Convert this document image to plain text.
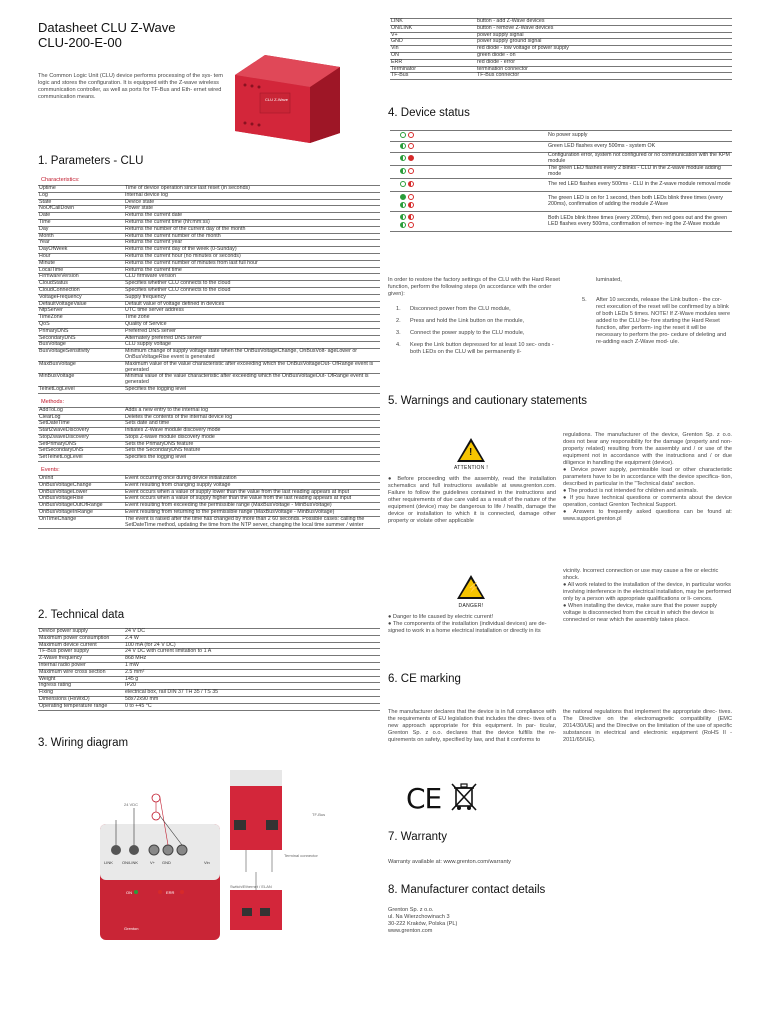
Datasheet CLU Z-Wave
CLU-200-E-00
CLU Z-Wave
The Common Logic Unit (CLU) device performs processing of the sys- tem logic and stores the configuration. It is equipped with the Z-wave wireless communication controller, as well as ports for TF-Bus and Eth- ernet wired communication means.
1. Parameters - CLU
Characteristics:
Uptime	Time of device operation since last reset (in seconds)
Log	Internal device log
State	Device state
NoOfCallDown	Power state
Date	Returns the current date
Time	Returns the current time (hh:mm:ss)
Day	Returns the number of the current day of the month
Month	Returns the current number of the month
Year	Returns the current year
DayOfWeek	Returns the current day of the week (0-Sunday)
Hour	Returns the current hour (no minutes or seconds)
Minute	Returns the current number of minutes from last full hour
LocalTime	Returns the current time
FirmwareVersion	CLU firmware version
CloudStatus	Specifies whether CLU connects to the cloud
CloudConnection	Specifies whether CLU connects to the cloud
VoltageFrequency	Supply frequency
DefaultVoltageValue	Default value of voltage defined in devices
NtpServer	UTC time server address
TimeZone	Time zone
QoS	Quality of Service
PrimaryDNS	Preferred DNS server
SecondaryDNS	Alternately preferred DNS server
BusVoltage	CLU supply voltage
BusVoltageSensitivity	Minimum change of supply voltage state when the OnBusVoltageChange, OnBusVolt- ageLower or OnBusVoltageRise event is generated
MaxBusVoltage	Maximum value of the value characteristic after exceeding which the OnBusVoltageOut- OfRange event is generated
MinBusVoltage	Minimal value of the value characteristic after exceeding which the OnBusVoltageOut- OfRange event is generated
TelnetLogLevel	Specifies the logging level
Methods:
AddToLog	Adds a new entry to the internal log
ClearLog	Deletes the contents of the internal device log
SetDateTime	Sets date and time
StartZwaveDiscovery	Initiates Z-Wave module discovery mode
StopZwaveDiscovery	Stops Z-wave module discovery mode
SetPrimaryDNS	Sets the PrimaryDNS feature
SetSecondaryDNS	Sets the SecondaryDNS feature
SetTelnetLogLevel	Specifies the logging level
Events:
OnInit	Event occurring once during device initialization
OnBusVoltageChange	Event resulting from changing supply voltage
OnBusVoltageLower	Event occurs when a value of supply lower than the value from the last reading appears at input
OnBusVoltageRise	Event occurs when a value of supply higher than the value from the last reading appears at input
OnBusVoltageOutOfRange	Event resulting from exceeding the permissible range (MaxBusVoltage - MinBusVoltage)
OnBusVoltageInRange	Event resulting from returning to the permissible range (MaxBusVoltage - MinBusVoltage)
OnTimeChange	The event is raised after the time has changed by more than 2 60 seconds. Possible cases: calling the SetDateTime method, updating the time from the NTP server, changing the local time summer / winter
2. Technical data
Device power supply	24 V DC
Maximum power consumption	2.4 W
Maximum device current	100 mA (for 24 V DC)
TF-Bus power supply	24 V DC with current limitation to 1 A
Z-Wave frequency	868 MHz
Internal radio power	1 mW
Maximum wire cross section	2.5 mm²
Weight	145 g
Ingress rating	IP20
Fixing	electrical box, rail DIN 37 TH 35 / TS 35
Dimensions (HxWxD)	58x72x90 mm
Operating temperature range	0 to +45 °C
3. Wiring diagram
24 VDC
LINK ON/LINK	V+ GND	Vin
ON	ERR
Grenton
Terminal connector
TF-Bus
Switch/Ethernet / ELAN
LINK	button - add Z-Wave devices
ON/LINK	button - remove Z-Wave devices
V+	power supply signal
GND	power supply ground signal
Vin	red diode - low voltage of power supply
ON	green diode - on
ERR	red diode - error
Terminator	termination connector
TF-Bus	TF-Bus connector
4. Device status
	No power supply
	Green LED flashes every 500ms - system OK
	Configuration error, system not configured or no communication with the KPM module
	The green LED flashes every 2 blinks - CLU in the Z-wave module adding mode
	The red LED flashes every 500ms - CLU in the Z-wave module removal mode

	The green LED is on for 1 second, then both LEDs blink three times (every 200ms), confirmation of adding the module Z-Wave

	Both LEDs blink three times (every 200ms), then red goes out and the green LED flashes every 500ms, confirmation of remov- ing the Z-Wave module
In order to restore the factory settings of the CLU with the Hard Reset function, perform the following steps (in accordance with the order given):
1.	Disconnect power from the CLU module,
2.	Press and hold the Link button on the module,
3.	Connect the power supply to the CLU module,
4.	Keep the Link button depressed for at least 10 sec- onds - both LEDs on the CLU will be permanently il-
luminated,
5.	After 10 seconds, release the Link button - the cor- rect execution of the reset will be confirmed by a blink of both LEDs 5 times. NOTE! If Z-Wave modules were added to the CLU be- fore starting the Hard Reset function, after perform- ing the reset it will be necessary to perform the pro- cedure of deleting and re-adding each Z-Wave mod- ule.
5. Warnings and cautionary statements
!
ATTENTION !
● Before proceeding with the assembly, read the installation schematics and full instructions available at www.grenton.com. Failure to follow the guidelines contained in the instructions and other requirements of due care valid as a result of the nature of the equipment (device) may be dangerous to life / health, damage the device or installation to which it is connected, damage other property or violate other applicable
regulations. The manufacturer of the device, Grenton Sp. z o.o. does not bear any responsibility for the damage (property and non-property related) resulting from the assembly and / or use of the equipment not in accordance with the instructions and / or due diligence in handling the equipment (device).
● Device power supply, permissible load or other characteristic parameters have to be in accordance with the device specifica- tion, described in particular in the "Technical data" section.
● The product is not intended for children and animals.
● If you have technical questions or comments about the device operation, contact Grenton Technical Support.
● Answers to frequently asked questions can be found at: www.support.grenton.pl
⚡
DANGER!
● Danger to life caused by electric current!
● The components of the installation (individual devices) are de- signed to work in a home electrical installation or directly in its
vicinity. Incorrect connection or use may cause a fire or electric shock.
● All work related to the installation of the device, in particular works involving interference in the electrical installation, may be performed only by a person with appropriate qualifications or li- cences.
● When installing the device, make sure that the power supply voltage is disconnected from the circuit in which the device is connected or near which the assembly takes place.
6. CE marking
The manufacturer declares that the device is in full compliance with the requirements of EU legislation that includes the direc- tives of a new approach appropriate for this equipment. In par- ticular, Grenton Sp. z o.o. declares that the device fulfills the re- quirements on safety, specified by law, and that it conforms to
the national regulations that implement the appropriate direc- tives. The Directive on the electromagnetic compatibility (EMC 2014/30/UE) and the Directive on the limitation of the use of specific substances in electrical and electronic equipment (RoHS II - 2011/65/UE).
CE
7. Warranty
Warranty available at: www.grenton.com/warranty
8. Manufacturer contact details
Grenton Sp. z o.o.
ul. Na Wierzchowinach 3
30-222 Kraków, Polska (PL)
www.grenton.com
